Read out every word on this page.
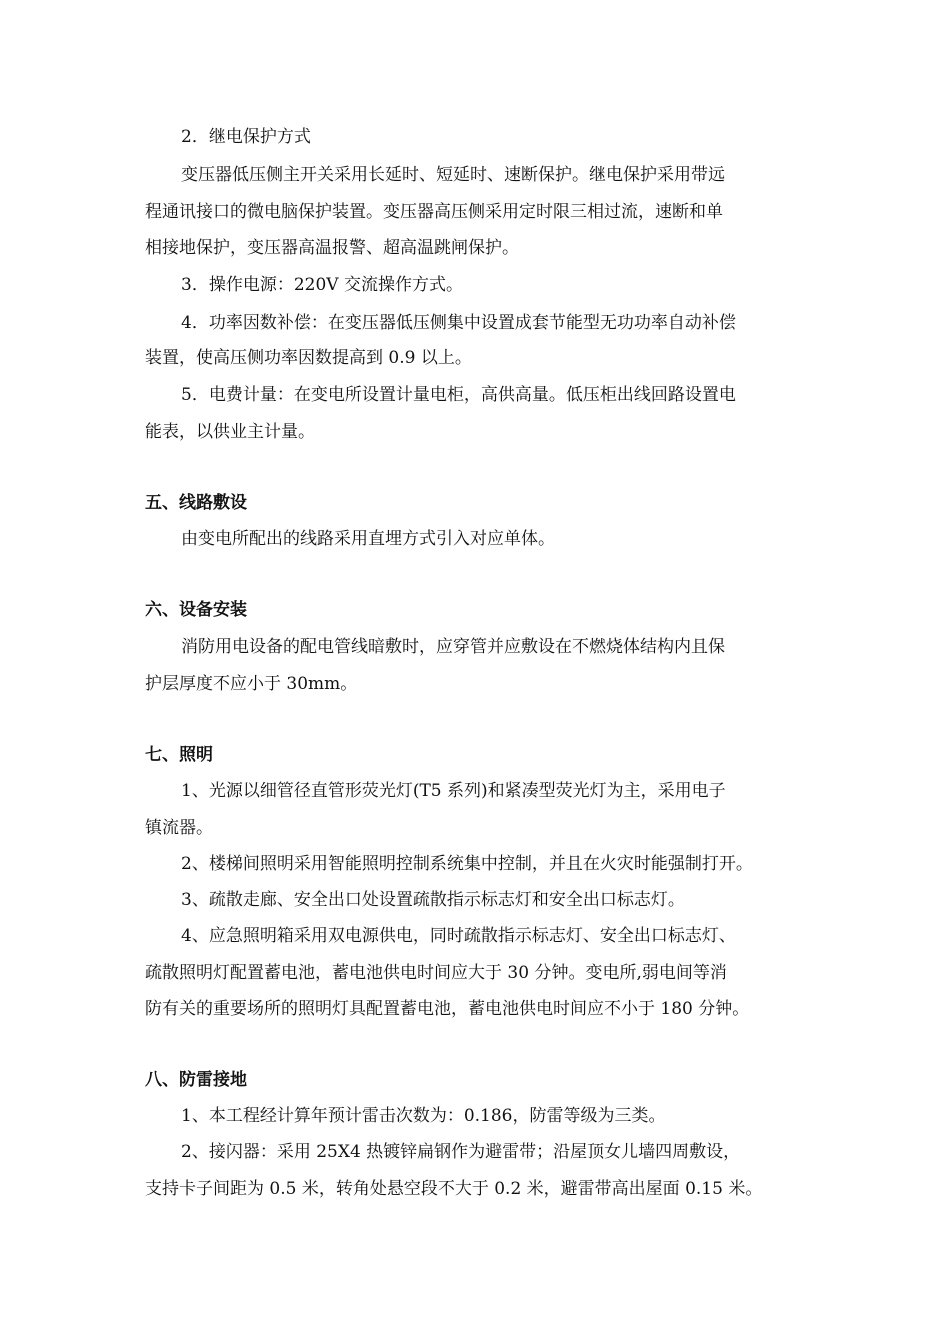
2．继电保护方式
变压器低压侧主开关采用长延时、短延时、速断保护。继电保护采用带远
程通讯接口的微电脑保护装置。变压器高压侧采用定时限三相过流，速断和单
相接地保护，变压器高温报警、超高温跳闸保护。
3．操作电源：220V 交流操作方式。
4．功率因数补偿：在变压器低压侧集中设置成套节能型无功功率自动补偿
装置，使高压侧功率因数提高到 0.9 以上。
5．电费计量：在变电所设置计量电柜，高供高量。低压柜出线回路设置电
能表，以供业主计量。
五、线路敷设
由变电所配出的线路采用直埋方式引入对应单体。
六、设备安装
消防用电设备的配电管线暗敷时，应穿管并应敷设在不燃烧体结构内且保
护层厚度不应小于 30mm。
七、照明
1、光源以细管径直管形荧光灯(T5 系列)和紧凑型荧光灯为主，采用电子
镇流器。
2、楼梯间照明采用智能照明控制系统集中控制，并且在火灾时能强制打开。
3、疏散走廊、安全出口处设置疏散指示标志灯和安全出口标志灯。
4、应急照明箱采用双电源供电，同时疏散指示标志灯、安全出口标志灯、
疏散照明灯配置蓄电池，蓄电池供电时间应大于 30 分钟。变电所,弱电间等消
防有关的重要场所的照明灯具配置蓄电池，蓄电池供电时间应不小于 180 分钟。
八、防雷接地
1、本工程经计算年预计雷击次数为：0.186，防雷等级为三类。
2、接闪器：采用 25X4 热镀锌扁钢作为避雷带；沿屋顶女儿墙四周敷设，
支持卡子间距为 0.5 米，转角处悬空段不大于 0.2 米，避雷带高出屋面 0.15 米。
